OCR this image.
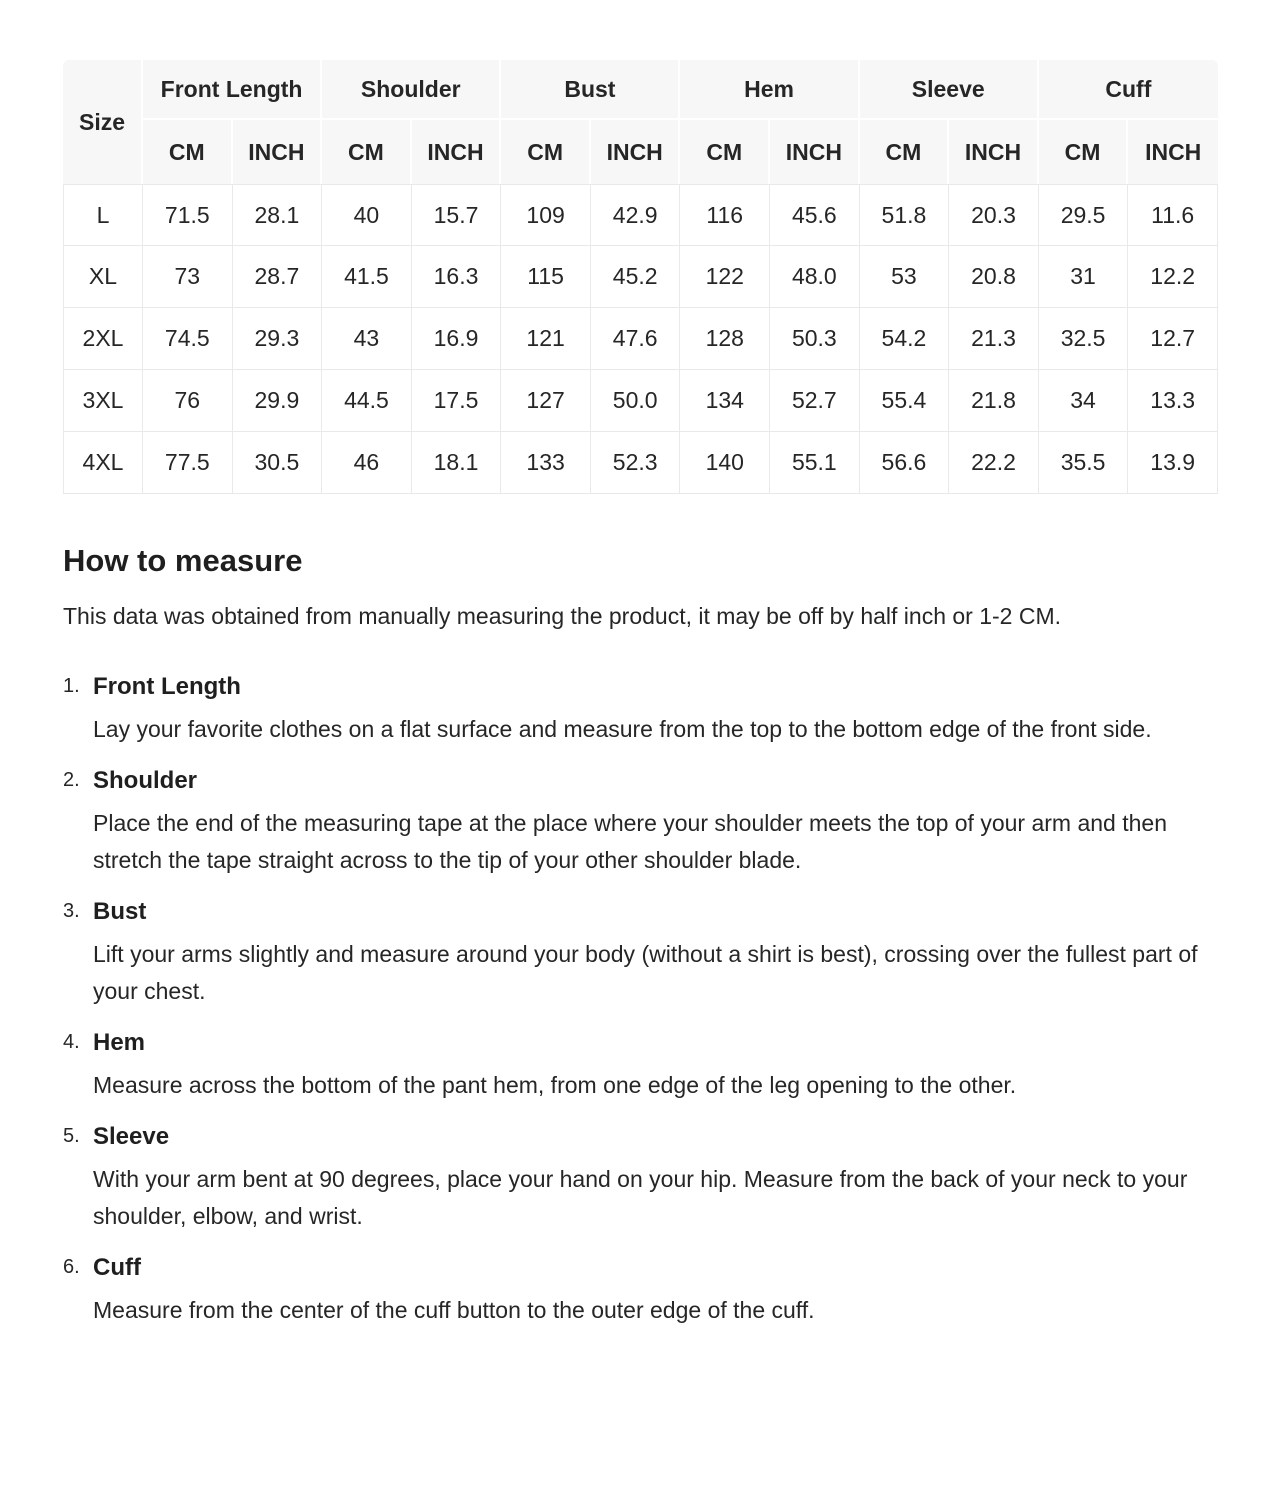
Size	Front Length		Shoulder		Bust		Hem		Sleeve		Cuff	
	CM	INCH	CM	INCH	CM	INCH	CM	INCH	CM	INCH	CM	INCH
L	71.5	28.1	40	15.7	109	42.9	116	45.6	51.8	20.3	29.5	11.6
XL	73	28.7	41.5	16.3	115	45.2	122	48.0	53	20.8	31	12.2
2XL	74.5	29.3	43	16.9	121	47.6	128	50.3	54.2	21.3	32.5	12.7
3XL	76	29.9	44.5	17.5	127	50.0	134	52.7	55.4	21.8	34	13.3
4XL	77.5	30.5	46	18.1	133	52.3	140	55.1	56.6	22.2	35.5	13.9
How to measure

This data was obtained from manually measuring the product, it may be off by half inch or 1-2 CM.

1. Front Length

Lay your favorite clothes on a flat surface and measure from the top to the bottom edge of the front side.

2. Shoulder

Place the end of the measuring tape at the place where your shoulder meets the top of your arm and then stretch the tape straight across to the tip of your other shoulder blade.

3. Bust

Lift your arms slightly and measure around your body (without a shirt is best), crossing over the fullest part of your chest.

4. Hem

Measure across the bottom of the pant hem, from one edge of the leg opening to the other.

5. Sleeve

With your arm bent at 90 degrees, place your hand on your hip. Measure from the back of your neck to your shoulder, elbow, and wrist.

6. Cuff

Measure from the center of the cuff button to the outer edge of the cuff.
